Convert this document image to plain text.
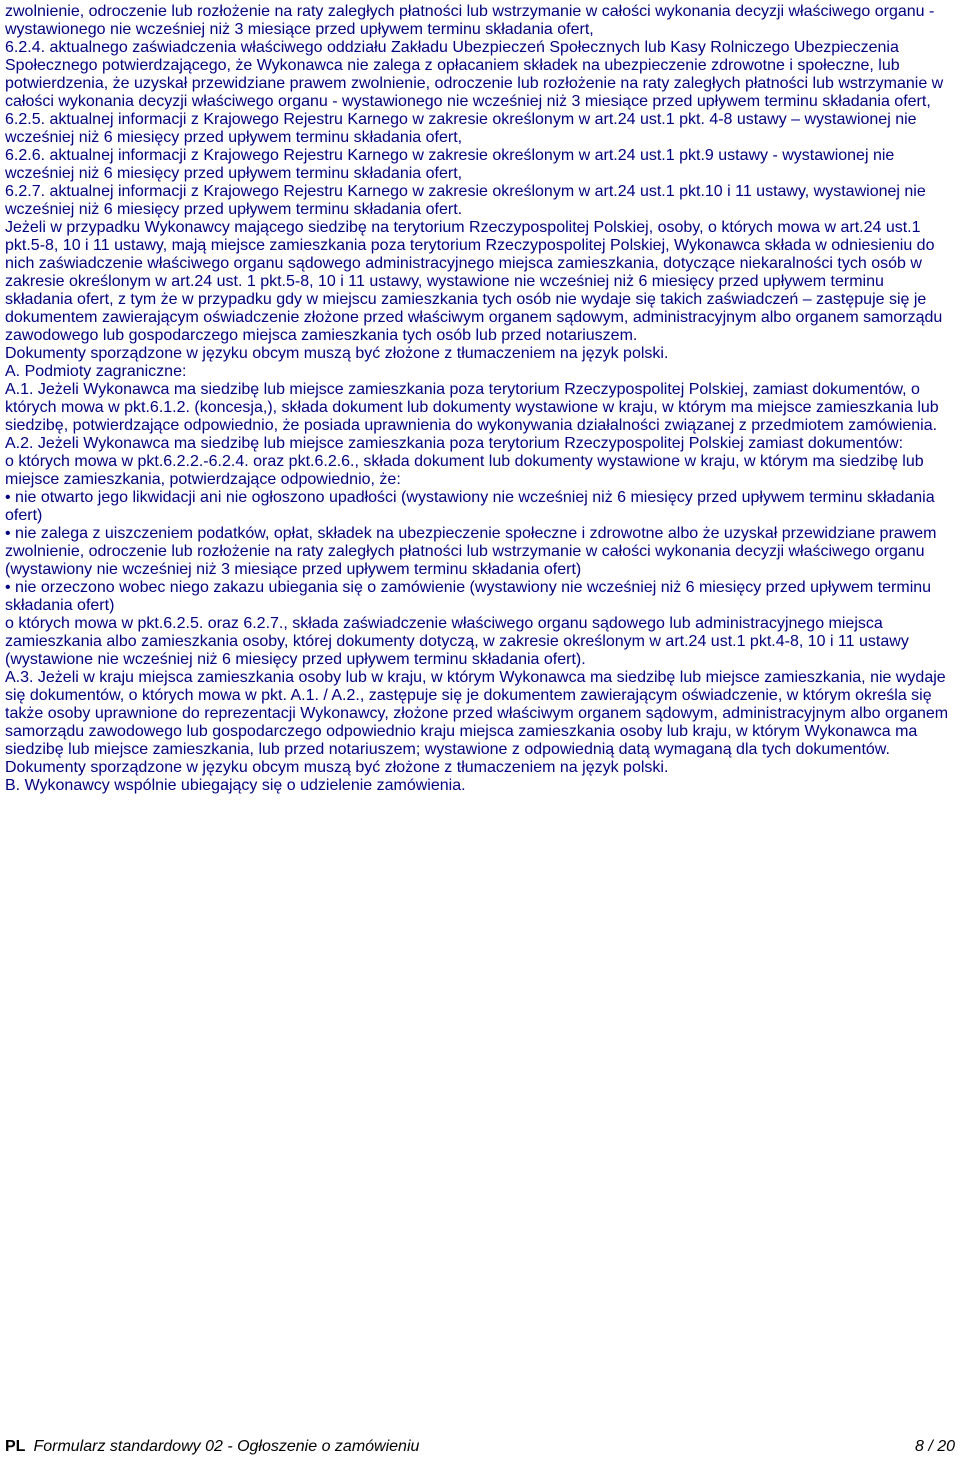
zwolnienie, odroczenie lub rozłożenie na raty zaległych płatności lub wstrzymanie w całości wykonania decyzji właściwego organu - wystawionego nie wcześniej niż 3 miesiące przed upływem terminu składania ofert,

6.2.4. aktualnego zaświadczenia właściwego oddziału Zakładu Ubezpieczeń Społecznych lub Kasy Rolniczego Ubezpieczenia Społecznego potwierdzającego, że Wykonawca nie zalega z opłacaniem składek na ubezpieczenie zdrowotne i społeczne, lub potwierdzenia, że uzyskał przewidziane prawem zwolnienie, odroczenie lub rozłożenie na raty zaległych płatności lub wstrzymanie w całości wykonania decyzji właściwego organu - wystawionego nie wcześniej niż 3 miesiące przed upływem terminu składania ofert,

6.2.5. aktualnej informacji z Krajowego Rejestru Karnego w zakresie określonym w art.24 ust.1 pkt. 4-8 ustawy – wystawionej nie wcześniej niż 6 miesięcy przed upływem terminu składania ofert,

6.2.6. aktualnej informacji z Krajowego Rejestru Karnego w zakresie określonym w art.24 ust.1 pkt.9 ustawy - wystawionej nie wcześniej niż 6 miesięcy przed upływem terminu składania ofert,

6.2.7. aktualnej informacji z Krajowego Rejestru Karnego w zakresie określonym w art.24 ust.1 pkt.10 i 11 ustawy, wystawionej nie wcześniej niż 6 miesięcy przed upływem terminu składania ofert.

Jeżeli w przypadku Wykonawcy mającego siedzibę na terytorium Rzeczypospolitej Polskiej, osoby, o których mowa w art.24 ust.1 pkt.5-8, 10 i 11 ustawy, mają miejsce zamieszkania poza terytorium Rzeczypospolitej Polskiej, Wykonawca składa w odniesieniu do nich zaświadczenie właściwego organu sądowego administracyjnego miejsca zamieszkania, dotyczące niekaralności tych osób w zakresie określonym w art.24 ust. 1 pkt.5-8, 10 i 11 ustawy, wystawione nie wcześniej niż 6 miesięcy przed upływem terminu składania ofert, z tym że w przypadku gdy w miejscu zamieszkania tych osób nie wydaje się takich zaświadczeń – zastępuje się je dokumentem zawierającym oświadczenie złożone przed właściwym organem sądowym, administracyjnym albo organem samorządu zawodowego lub gospodarczego miejsca zamieszkania tych osób lub przed notariuszem.

Dokumenty sporządzone w języku obcym muszą być złożone z tłumaczeniem na język polski.

A. Podmioty zagraniczne:

A.1. Jeżeli Wykonawca ma siedzibę lub miejsce zamieszkania poza terytorium Rzeczypospolitej Polskiej, zamiast dokumentów, o których mowa w pkt.6.1.2. (koncesja,), składa dokument lub dokumenty wystawione w kraju, w którym ma miejsce zamieszkania lub siedzibę, potwierdzające odpowiednio, że posiada uprawnienia do wykonywania działalności związanej z przedmiotem zamówienia.

A.2. Jeżeli Wykonawca ma siedzibę lub miejsce zamieszkania poza terytorium Rzeczypospolitej Polskiej zamiast dokumentów:

o których mowa w pkt.6.2.2.-6.2.4. oraz pkt.6.2.6., składa dokument lub dokumenty wystawione w kraju, w którym ma siedzibę lub miejsce zamieszkania, potwierdzające odpowiednio, że:

• nie otwarto jego likwidacji ani nie ogłoszono upadłości (wystawiony nie wcześniej niż 6 miesięcy przed upływem terminu składania ofert)

• nie zalega z uiszczeniem podatków, opłat, składek na ubezpieczenie społeczne i zdrowotne albo że uzyskał przewidziane prawem zwolnienie, odroczenie lub rozłożenie na raty zaległych płatności lub wstrzymanie w całości wykonania decyzji właściwego organu (wystawiony nie wcześniej niż 3 miesiące przed upływem terminu składania ofert)

• nie orzeczono wobec niego zakazu ubiegania się o zamówienie (wystawiony nie wcześniej niż 6 miesięcy przed upływem terminu składania ofert)

o których mowa w pkt.6.2.5. oraz 6.2.7., składa zaświadczenie właściwego organu sądowego lub administracyjnego miejsca zamieszkania albo zamieszkania osoby, której dokumenty dotyczą, w zakresie określonym w art.24 ust.1 pkt.4-8, 10 i 11 ustawy (wystawione nie wcześniej niż 6 miesięcy przed upływem terminu składania ofert).

A.3. Jeżeli w kraju miejsca zamieszkania osoby lub w kraju, w którym Wykonawca ma siedzibę lub miejsce zamieszkania, nie wydaje się dokumentów, o których mowa w pkt. A.1. / A.2., zastępuje się je dokumentem zawierającym oświadczenie, w którym określa się także osoby uprawnione do reprezentacji Wykonawcy, złożone przed właściwym organem sądowym, administracyjnym albo organem samorządu zawodowego lub gospodarczego odpowiednio kraju miejsca zamieszkania osoby lub kraju, w którym Wykonawca ma siedzibę lub miejsce zamieszkania, lub przed notariuszem; wystawione z odpowiednią datą wymaganą dla tych dokumentów.

Dokumenty sporządzone w języku obcym muszą być złożone z tłumaczeniem na język polski.

B. Wykonawcy wspólnie ubiegający się o udzielenie zamówienia.

PL Formularz standardowy 02 - Ogłoszenie o zamówieniu	8 / 20
